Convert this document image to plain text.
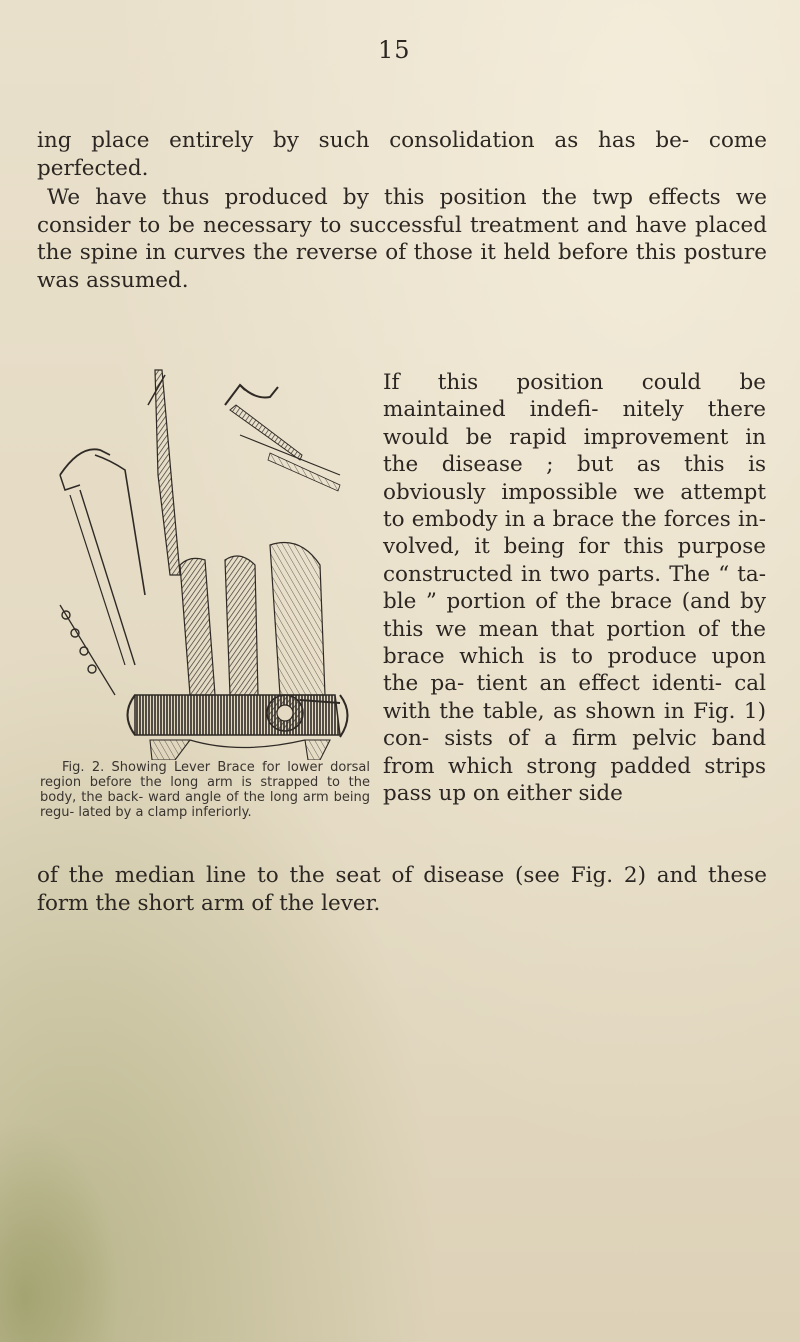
15

ing place entirely by such consolidation as has be- come perfected.

We have thus produced by this position the twp effects we consider to be necessary to successful treatment and have placed the spine in curves the reverse of those it held before this posture was assumed.

Fig. 2. Showing Lever Brace for lower dorsal region before the long arm is strapped to the body, the back- ward angle of the long arm being regu- lated by a clamp inferiorly.

If this position could be maintained indefi- nitely there would be rapid improvement in the disease ; but as this is obviously impossible we attempt to embody in a brace the forces in- volved, it being for this purpose constructed in two parts. The “ ta- ble ” portion of the brace (and by this we mean that portion of the brace which is to produce upon the pa- tient an effect identi- cal with the table, as shown in Fig. 1) con- sists of a firm pelvic band from which strong padded strips pass up on either side

of the median line to the seat of disease (see Fig. 2) and these form the short arm of the lever.
